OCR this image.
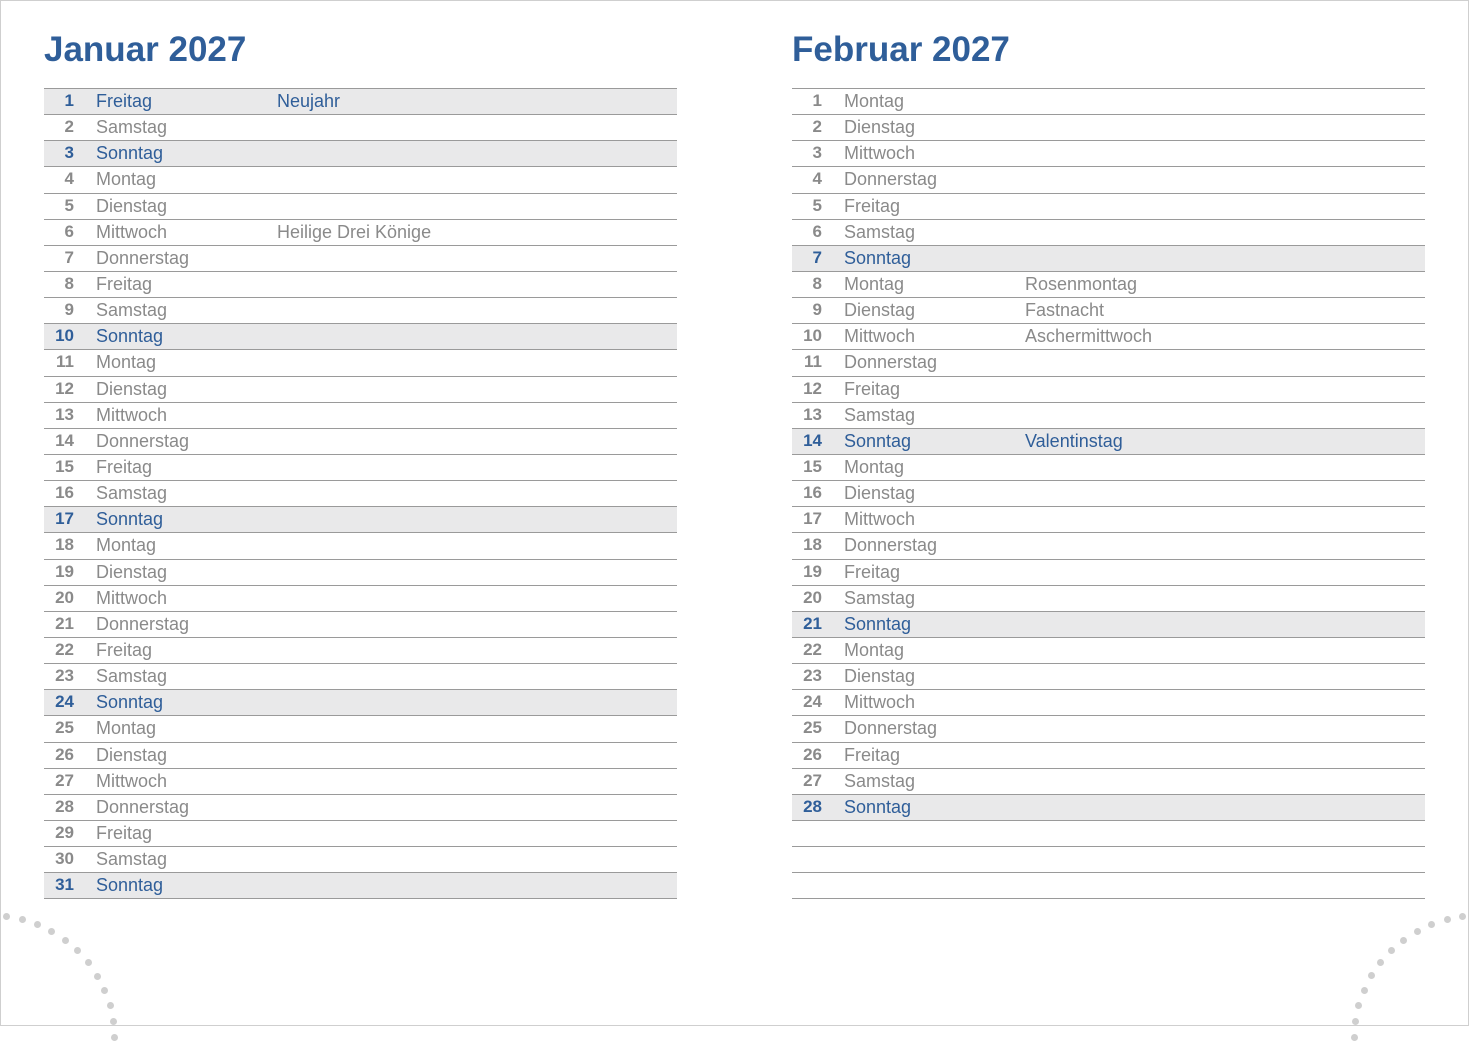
Januar 2027
1 Freitag	Neujahr
2 Samstag
3 Sonntag
4 Montag
5 Dienstag
6 Mittwoch	Heilige Drei Könige
7 Donnerstag
8 Freitag
9 Samstag
10 Sonntag
11 Montag
12 Dienstag
13 Mittwoch
14 Donnerstag
15 Freitag
16 Samstag
17 Sonntag
18 Montag
19 Dienstag
20 Mittwoch
21 Donnerstag
22 Freitag
23 Samstag
24 Sonntag
25 Montag
26 Dienstag
27 Mittwoch
28 Donnerstag
29 Freitag
30 Samstag
31 Sonntag
Februar 2027
1 Montag
2 Dienstag
3 Mittwoch
4 Donnerstag
5 Freitag
6 Samstag
7 Sonntag
8 Montag	Rosenmontag
9 Dienstag	Fastnacht
10 Mittwoch	Aschermittwoch
11 Donnerstag
12 Freitag
13 Samstag
14 Sonntag	Valentinstag
15 Montag
16 Dienstag
17 Mittwoch
18 Donnerstag
19 Freitag
20 Samstag
21 Sonntag
22 Montag
23 Dienstag
24 Mittwoch
25 Donnerstag
26 Freitag
27 Samstag
28 Sonntag
